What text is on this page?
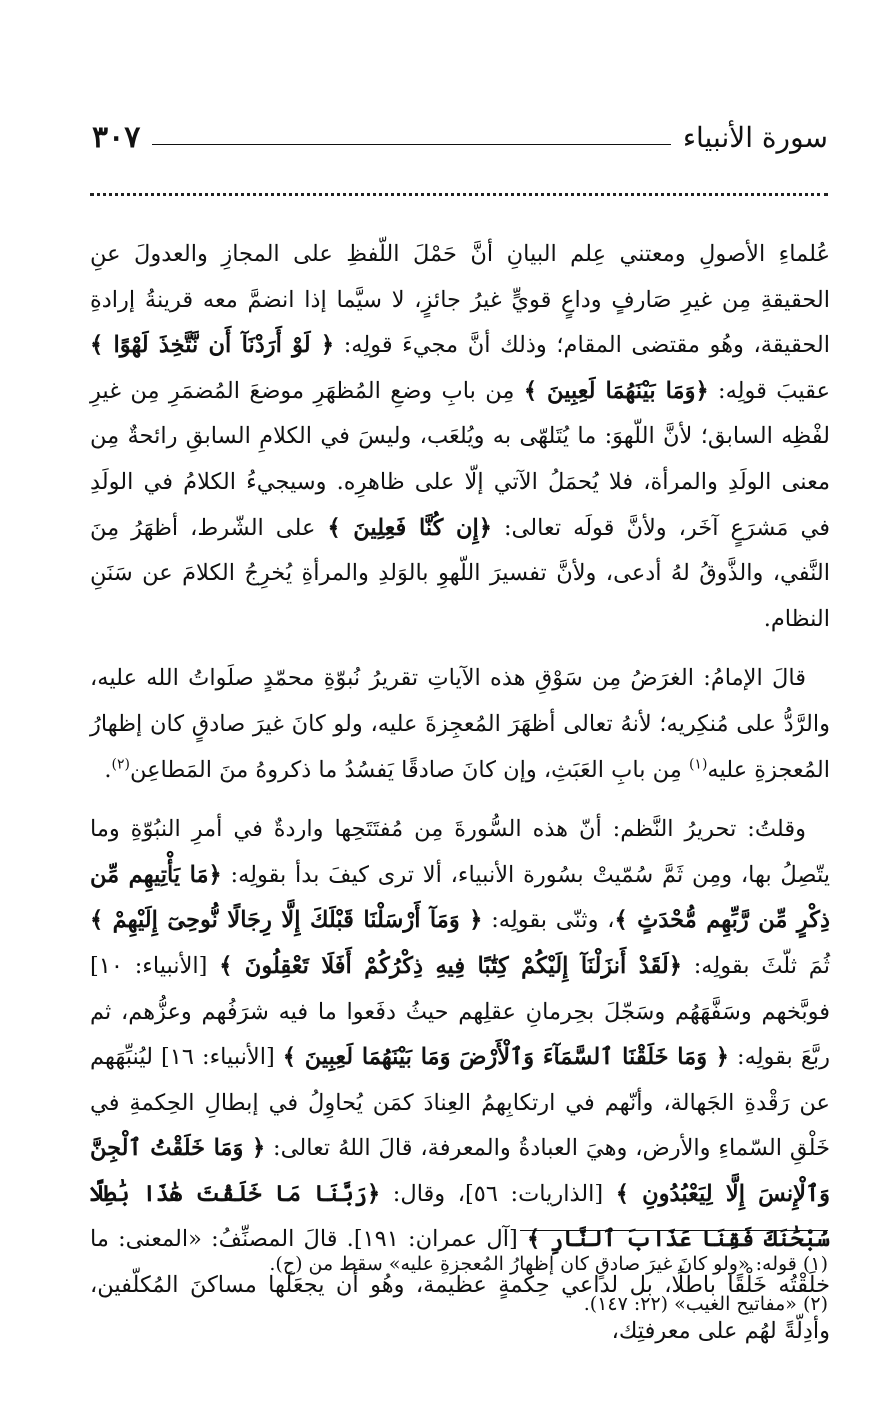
سورة الأنبياء
٣٠٧

عُلماءِ الأصولِ ومعتني عِلم البيانِ أنَّ حَمْلَ اللّفظِ على المجازِ والعدولَ عنِ الحقيقةِ مِن غيرِ صَارفٍ وداعٍ قويٍّ غيرُ جائزٍ، لا سيَّما إذا انضمَّ معه قرينةُ إرادةِ الحقيقة، وهُو مقتضى المقام؛ وذلك أنَّ مجيءَ قولِه: ﴿ لَوْ أَرَدْنَآ أَن نَّتَّخِذَ لَهْوًا ﴾ عقيبَ قولِه: ﴿وَمَا بَيْنَهُمَا لَعِبِينَ ﴾ مِن بابِ وضعِ المُظهَرِ موضعَ المُضمَرِ مِن غيرِ لفْظِه السابق؛ لأنَّ اللّهوَ: ما يُتَلهّى به ويُلعَب، وليسَ في الكلامِ السابقِ رائحةٌ مِن معنى الولَدِ والمرأة، فلا يُحمَلُ الآتي إلّا على ظاهرِه. وسيجيءُ الكلامُ في الولَدِ في مَشرَعٍ آخَر، ولأنَّ قولَه تعالى: ﴿إِن كُنَّا فَعِلِينَ ﴾ على الشّرط، أظهَرُ مِنَ النَّفي، والذَّوقُ لهُ أدعى، ولأنَّ تفسيرَ اللّهوِ بالوَلدِ والمرأةِ يُخرِجُ الكلامَ عن سَنَنِ النظام.

قالَ الإمامُ: الغرَضُ مِن سَوْقِ هذه الآياتِ تقريرُ نُبوّةِ محمّدٍ صلَواتُ الله عليه، والرَّدُّ على مُنكِريه؛ لأنهُ تعالى أظهَرَ المُعجِزةَ عليه، ولو كانَ غيرَ صادقٍ كان إظهارُ المُعجزةِ عليه$^{(١)}$ مِن بابِ العَبَثِ، وإن كانَ صادقًا يَفسُدُ ما ذكروهُ منَ المَطاعِن$^{(٢)}$.

وقلتُ: تحريرُ النَّظم: أنّ هذه السُّورةَ مِن مُفتَتَحِها واردةٌ في أمرِ النبُوّةِ وما يتّصِلُ بها، ومِن ثَمَّ سُمّيتْ بسُورة الأنبياء، ألا ترى كيفَ بدأ بقولِه: ﴿مَا يَأْتِيهِم مِّن ذِكْرٍ مِّن رَّبِّهِم مُّحْدَثٍ ﴾، وثنّى بقولِه: ﴿ وَمَآ أَرْسَلْنَا قَبْلَكَ إِلَّا رِجَالًا نُّوحِىٓ إِلَيْهِمْ ﴾ ثُمَ ثلّثَ بقولِه: ﴿لَقَدْ أَنزَلْنَآ إِلَيْكُمْ كِتَٰبًا فِيهِ ذِكْرُكُمْ أَفَلَا تَعْقِلُونَ ﴾ [الأنبياء: ١٠] فوبَّخهم وسَفَّهَهُم وسَجّلَ بحِرمانِ عقلِهم حيثُ دفَعوا ما فيه شرَفُهم وعزُّهم، ثم ربَّعَ بقولِه: ﴿ وَمَا خَلَقْنَا ٱلسَّمَآءَ وَٱلْأَرْضَ وَمَا بَيْنَهُمَا لَعِبِينَ ﴾ [الأنبياء: ١٦] ليُنبِّهَهم عن رَقْدةِ الجَهالة، وأنّهم في ارتكابِهمُ العِنادَ كمَن يُحاوِلُ في إبطالِ الحِكمةِ في خَلْقِ السّماءِ والأرض، وهيَ العبادةُ والمعرفة، قالَ اللهُ تعالى: ﴿ وَمَا خَلَقْتُ ٱلْجِنَّ وَٱلْإِنسَ إِلَّا لِيَعْبُدُونِ ﴾ [الذاريات: ٥٦]، وقال: ﴿رَبَّنَا مَا خَلَقْتَ هَٰذَا بَٰطِلًا سُبْحَٰنَكَ فَقِنَا عَذَابَ ٱلنَّارِ ﴾ [آل عمران: ١٩١]. قالَ المصنِّفُ: «المعنى: ما خلَقْتُه خَلْقًا باطلًا، بل لداعي حِكمةٍ عظيمة، وهُو أن يجعَلَها مساكنَ المُكلّفين، وأدِلّةً لهُم على معرفتِك،

(١) قوله: «ولو كانَ غيرَ صادقٍ كان إظهارُ المُعجزةِ عليه» سقط من (ح).

(٢) «مفاتيح الغيب» (٢٢: ١٤٧).
